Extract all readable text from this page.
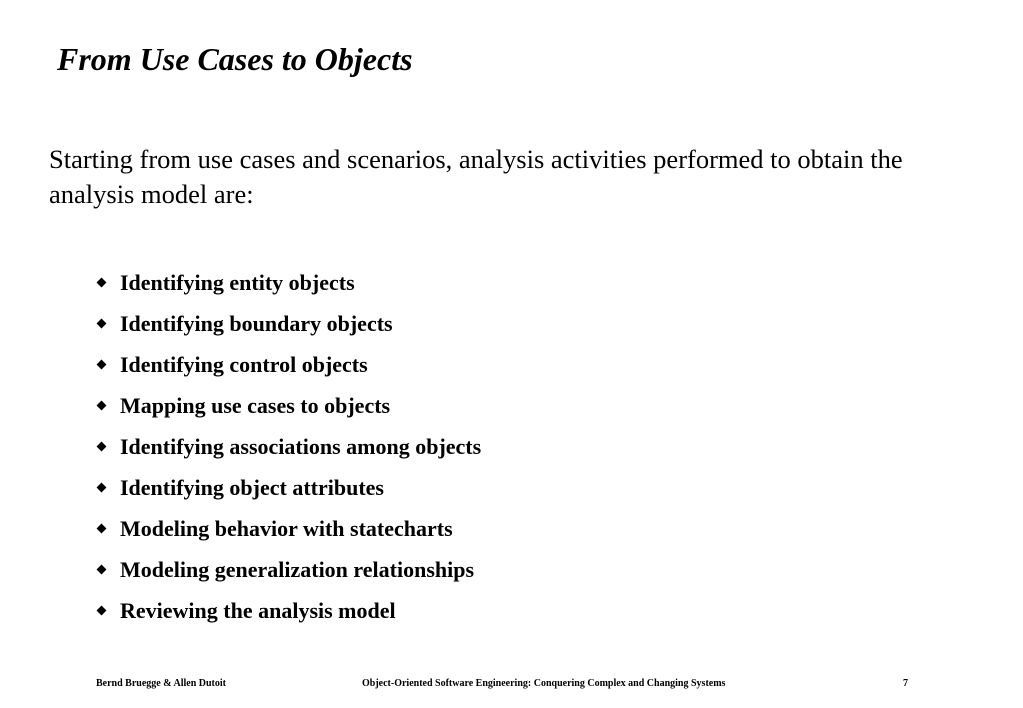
From Use Cases to Objects

Starting from use cases and scenarios, analysis activities performed to obtain the analysis model are:

Identifying entity objects
Identifying boundary objects
Identifying control objects
Mapping use cases to objects
Identifying associations among objects
Identifying object attributes
Modeling behavior with statecharts
Modeling generalization relationships
Reviewing the analysis model
Bernd Bruegge & Allen Dutoit	Object-Oriented Software Engineering: Conquering Complex and Changing Systems	7
